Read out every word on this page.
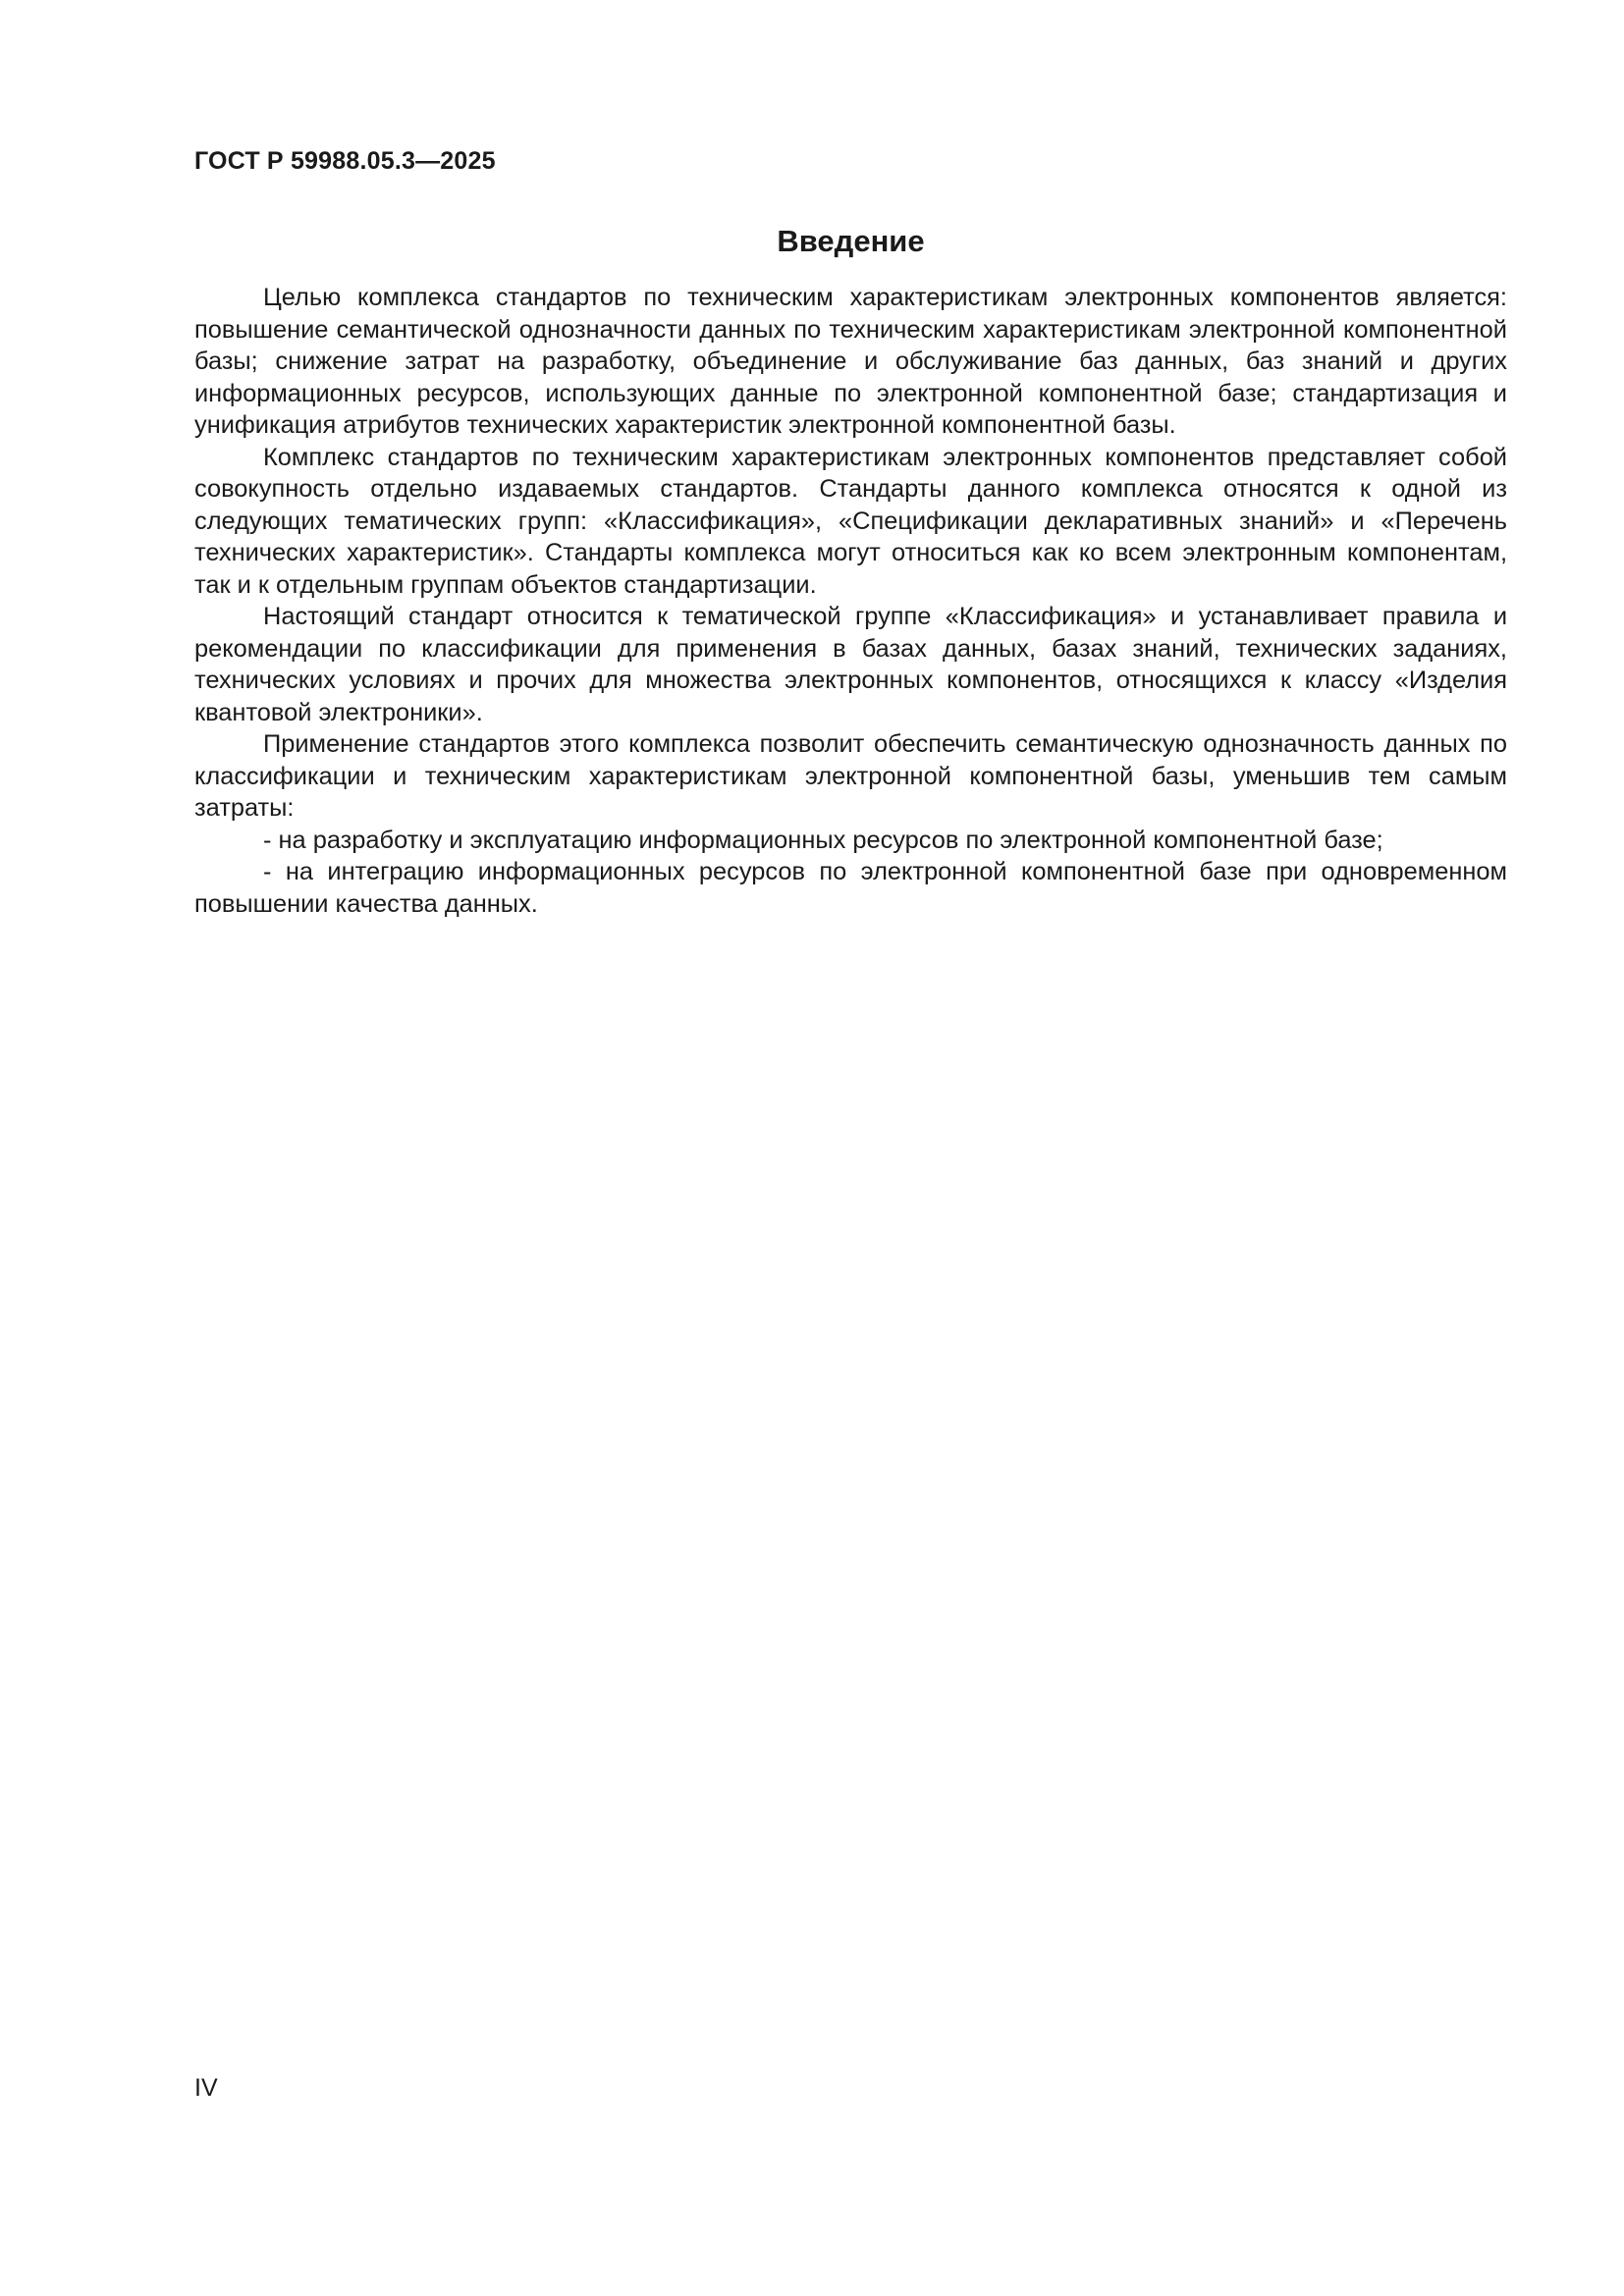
ГОСТ Р 59988.05.3—2025
Введение

Целью комплекса стандартов по техническим характеристикам электронных компонентов является: повышение семантической однозначности данных по техническим характеристикам электронной компонентной базы; снижение затрат на разработку, объединение и обслуживание баз данных, баз знаний и других информационных ресурсов, использующих данные по электронной компонентной базе; стандартизация и унификация атрибутов технических характеристик электронной компонентной базы.

Комплекс стандартов по техническим характеристикам электронных компонентов представляет собой совокупность отдельно издаваемых стандартов. Стандарты данного комплекса относятся к одной из следующих тематических групп: «Классификация», «Спецификации декларативных знаний» и «Перечень технических характеристик». Стандарты комплекса могут относиться как ко всем электронным компонентам, так и к отдельным группам объектов стандартизации.

Настоящий стандарт относится к тематической группе «Классификация» и устанавливает правила и рекомендации по классификации для применения в базах данных, базах знаний, технических заданиях, технических условиях и прочих для множества электронных компонентов, относящихся к классу «Изделия квантовой электроники».

Применение стандартов этого комплекса позволит обеспечить семантическую однозначность данных по классификации и техническим характеристикам электронной компонентной базы, уменьшив тем самым затраты:

- на разработку и эксплуатацию информационных ресурсов по электронной компонентной базе;

- на интеграцию информационных ресурсов по электронной компонентной базе при одновременном повышении качества данных.

IV
